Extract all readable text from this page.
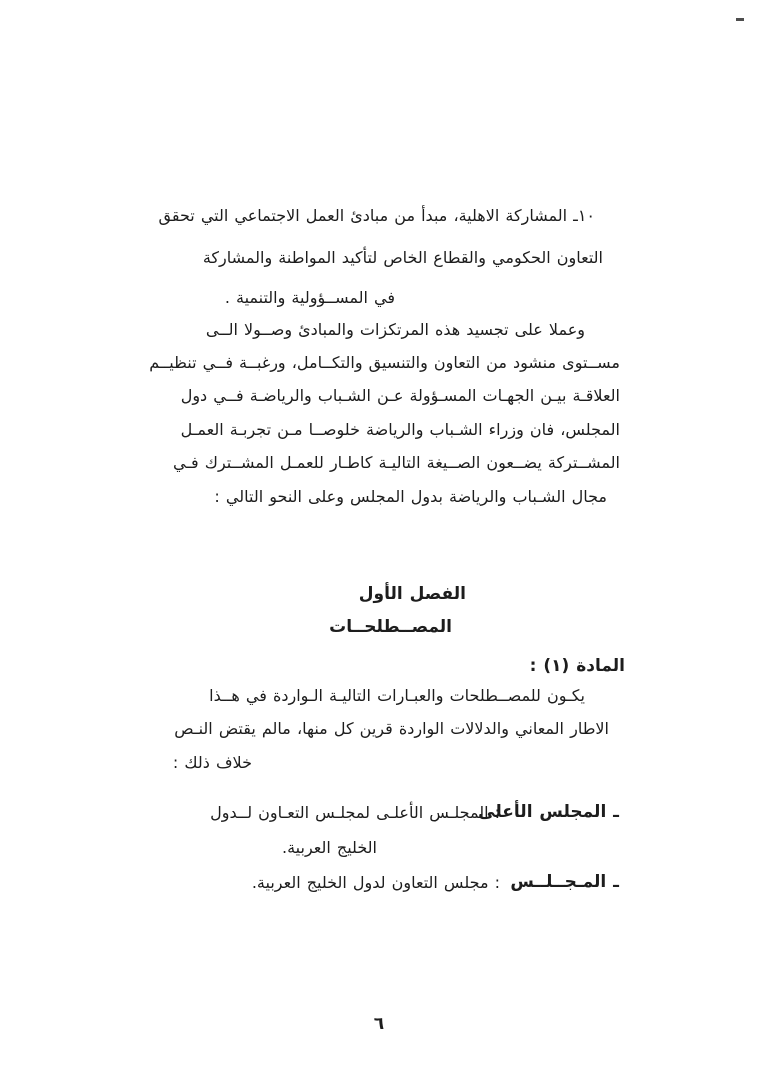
١٠ـ المشاركة الاهلية، مبدأ من مبادئ العمل الاجتماعي التي تحقق
التعاون الحكومي والقطاع الخاص لتأكيد المواطنة والمشاركة
في المســؤولية والتنمية .
وعملا على تجسيد هذه المرتكزات والمبادئ وصــولا الــى
مســتوى منشود من التعاون والتنسيق والتكــامل، ورغبــة فــي تنظيــم
العلاقـة بيـن الجهـات المسـؤولة عـن الشـباب والرياضـة فــي دول
المجلس، فان وزراء الشـباب والرياضة خلوصــا مـن تجربـة العمـل
المشــتركة يضــعون الصــيغة التاليـة كاطـار للعمـل المشــترك فـي
مجال الشـباب والرياضة بدول المجلس وعلى النحو التالي :
الفصل الأول
المصــطلحــات
المادة (١) :
يكـون للمصــطلحات والعبـارات التاليـة الـواردة في هــذا
الاطار المعاني والدلالات الواردة قرين كل منها، مالم يقتض النـص
خلاف ذلك :
ـ المجلس الأعلى
: المجلـس الأعلـى لمجلـس التعـاون لــدول
الخليج العربية.
ـ المـجــلــس
: مجلس التعاون لدول الخليج العربية.
٦
